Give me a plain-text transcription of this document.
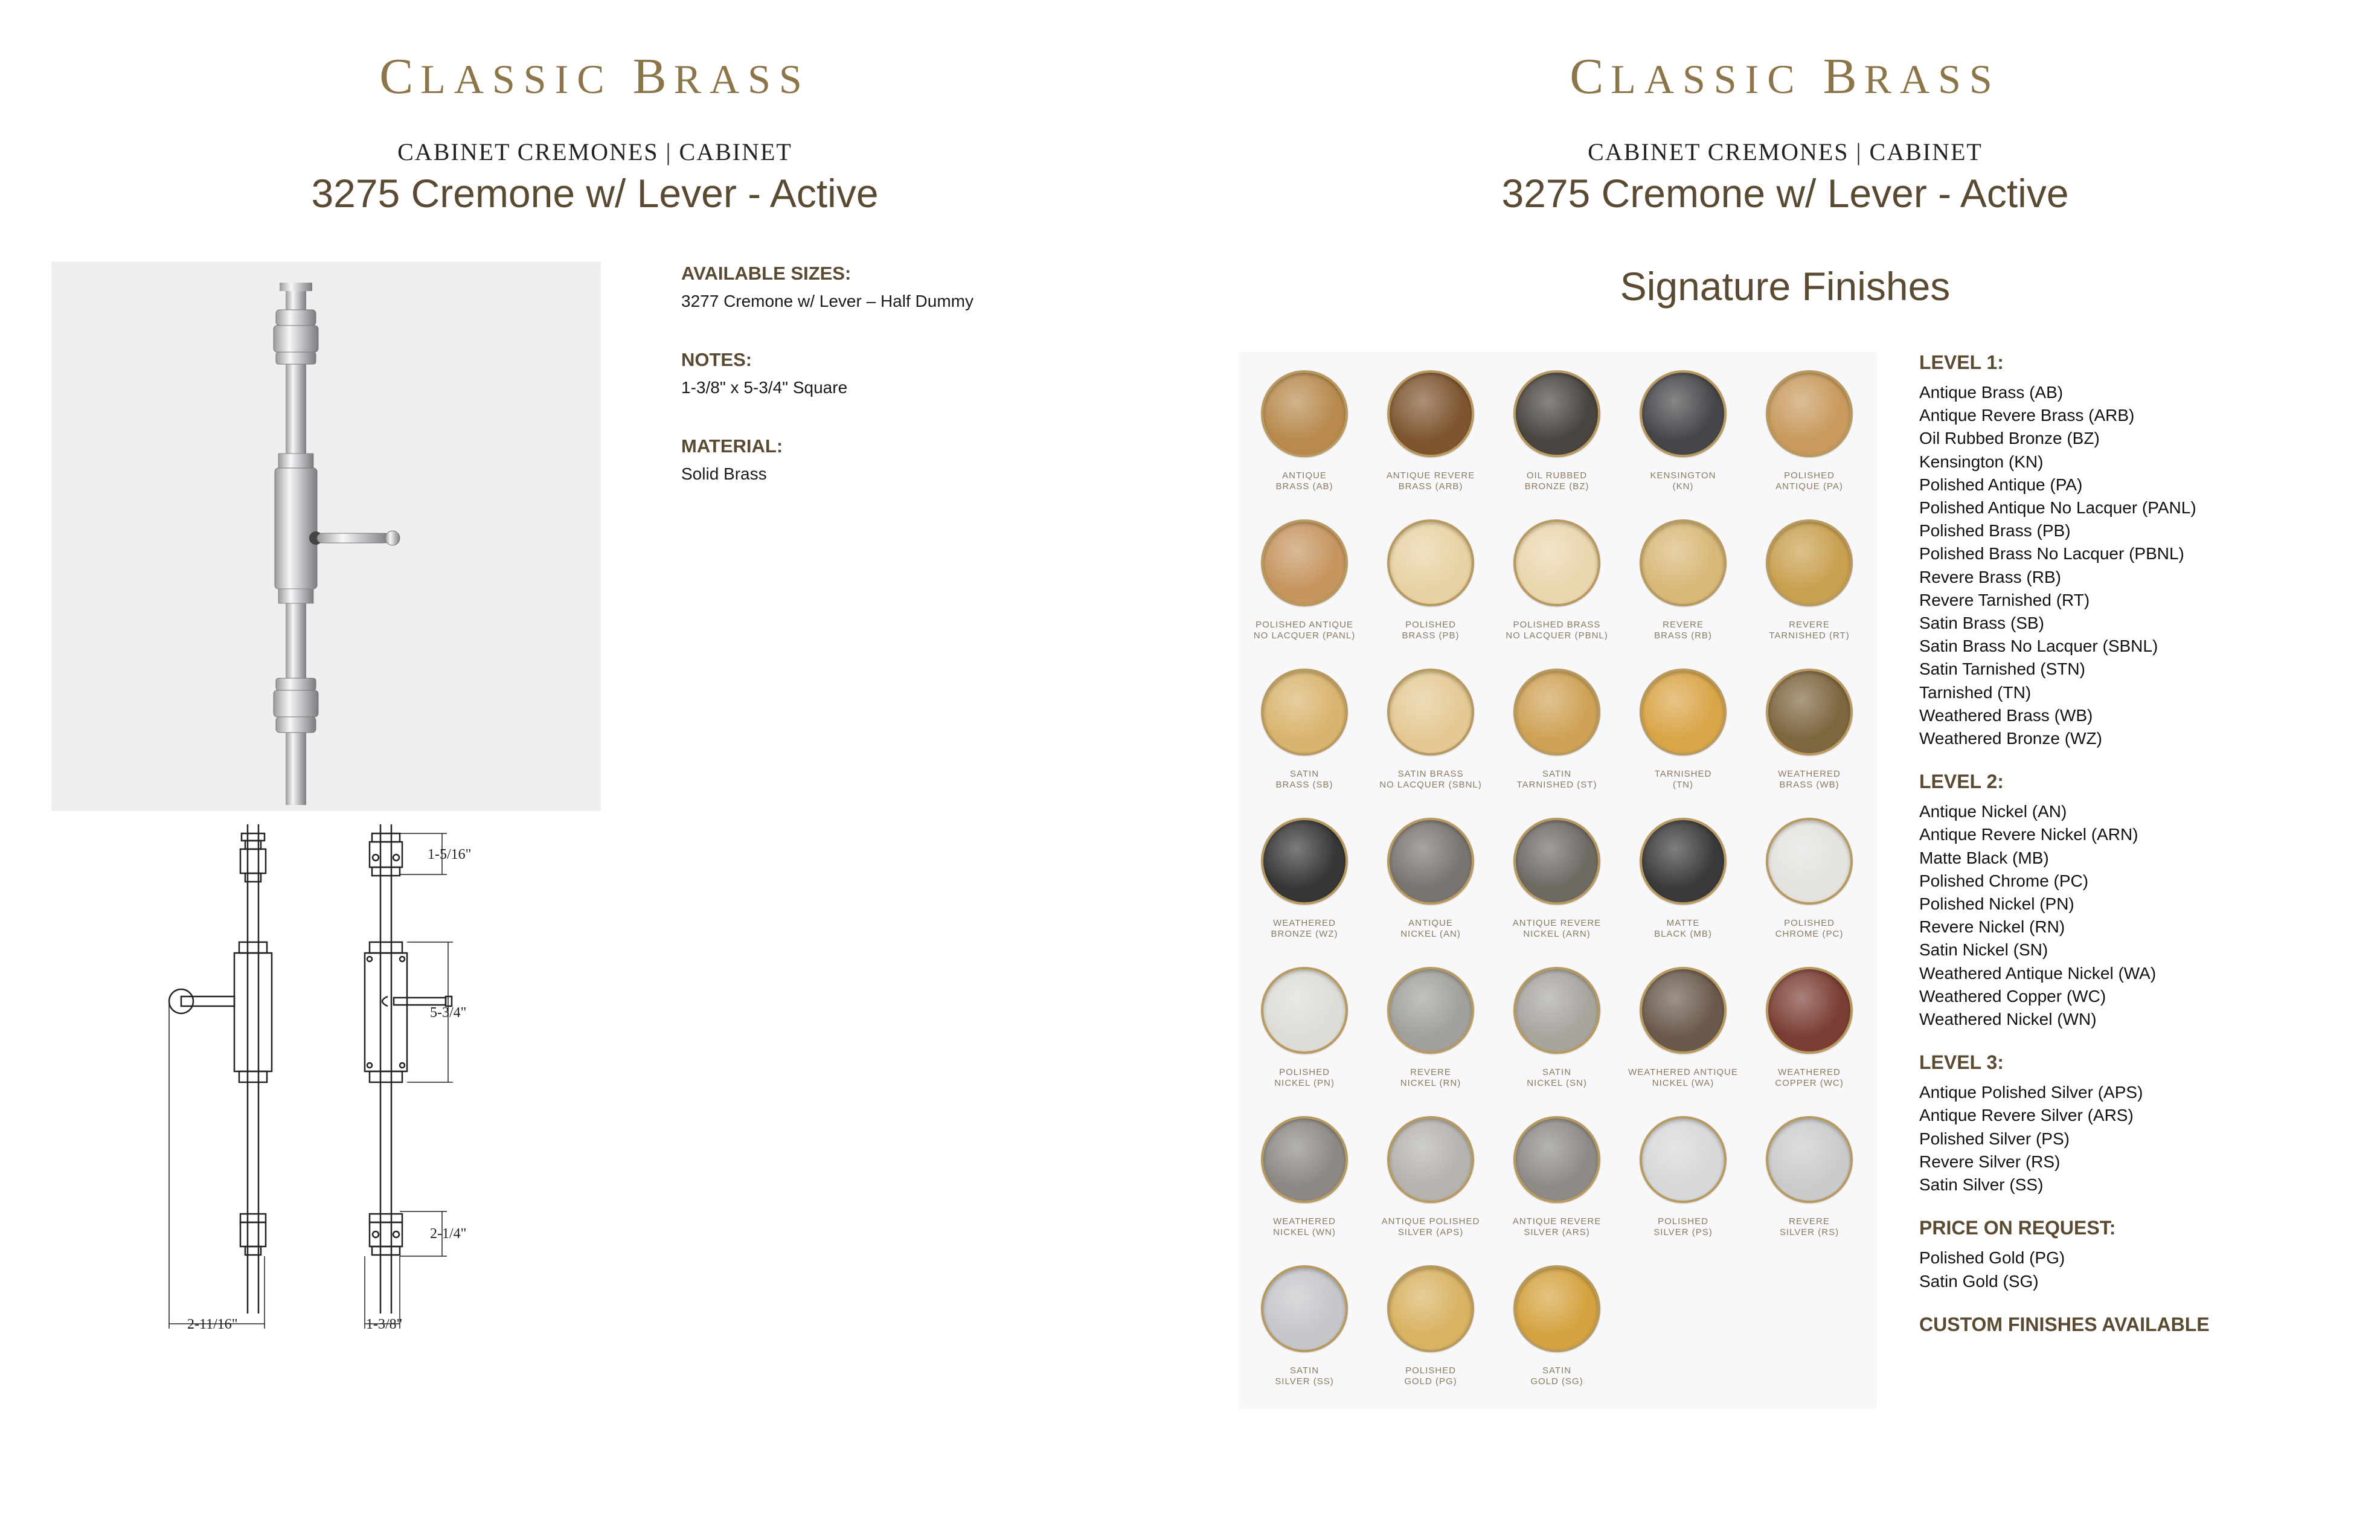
CLASSIC BRASS
CABINET CREMONES | CABINET
3275 Cremone w/ Lever - Active
AVAILABLE SIZES:
3277 Cremone w/ Lever – Half Dummy
NOTES:
1-3/8" x 5-3/4" Square
MATERIAL:
Solid Brass
1-5/16"
5-3/4"
2-1/4"
2-11/16"	1-3/8"
CLASSIC BRASS
CABINET CREMONES | CABINET
3275 Cremone w/ Lever - Active
Signature Finishes
ANTIQUE
BRASS (AB)
ANTIQUE REVERE
BRASS (ARB)
OIL RUBBED
BRONZE (BZ)
KENSINGTON
(KN)
POLISHED
ANTIQUE (PA)
POLISHED ANTIQUE
NO LACQUER (PANL)
POLISHED
BRASS (PB)
POLISHED BRASS
NO LACQUER (PBNL)
REVERE
BRASS (RB)
REVERE
TARNISHED (RT)
SATIN
BRASS (SB)
SATIN BRASS
NO LACQUER (SBNL)
SATIN
TARNISHED (ST)
TARNISHED
(TN)
WEATHERED
BRASS (WB)
WEATHERED
BRONZE (WZ)
ANTIQUE
NICKEL (AN)
ANTIQUE REVERE
NICKEL (ARN)
MATTE
BLACK (MB)
POLISHED
CHROME (PC)
POLISHED
NICKEL (PN)
REVERE
NICKEL (RN)
SATIN
NICKEL (SN)
WEATHERED ANTIQUE
NICKEL (WA)
WEATHERED
COPPER (WC)
WEATHERED
NICKEL (WN)
ANTIQUE POLISHED
SILVER (APS)
ANTIQUE REVERE
SILVER (ARS)
POLISHED
SILVER (PS)
REVERE
SILVER (RS)
SATIN
SILVER (SS)
POLISHED
GOLD (PG)
SATIN
GOLD (SG)
LEVEL 1:
Antique Brass (AB)
Antique Revere Brass (ARB)
Oil Rubbed Bronze (BZ)
Kensington (KN)
Polished Antique (PA)
Polished Antique No Lacquer (PANL)
Polished Brass (PB)
Polished Brass No Lacquer (PBNL)
Revere Brass (RB)
Revere Tarnished (RT)
Satin Brass (SB)
Satin Brass No Lacquer (SBNL)
Satin Tarnished (STN)
Tarnished (TN)
Weathered Brass (WB)
Weathered Bronze (WZ)
LEVEL 2:
Antique Nickel (AN)
Antique Revere Nickel (ARN)
Matte Black (MB)
Polished Chrome (PC)
Polished Nickel (PN)
Revere Nickel (RN)
Satin Nickel (SN)
Weathered Antique Nickel (WA)
Weathered Copper (WC)
Weathered Nickel (WN)
LEVEL 3:
Antique Polished Silver (APS)
Antique Revere Silver (ARS)
Polished Silver (PS)
Revere Silver (RS)
Satin Silver (SS)
PRICE ON REQUEST:
Polished Gold (PG)
Satin Gold (SG)
CUSTOM FINISHES AVAILABLE
